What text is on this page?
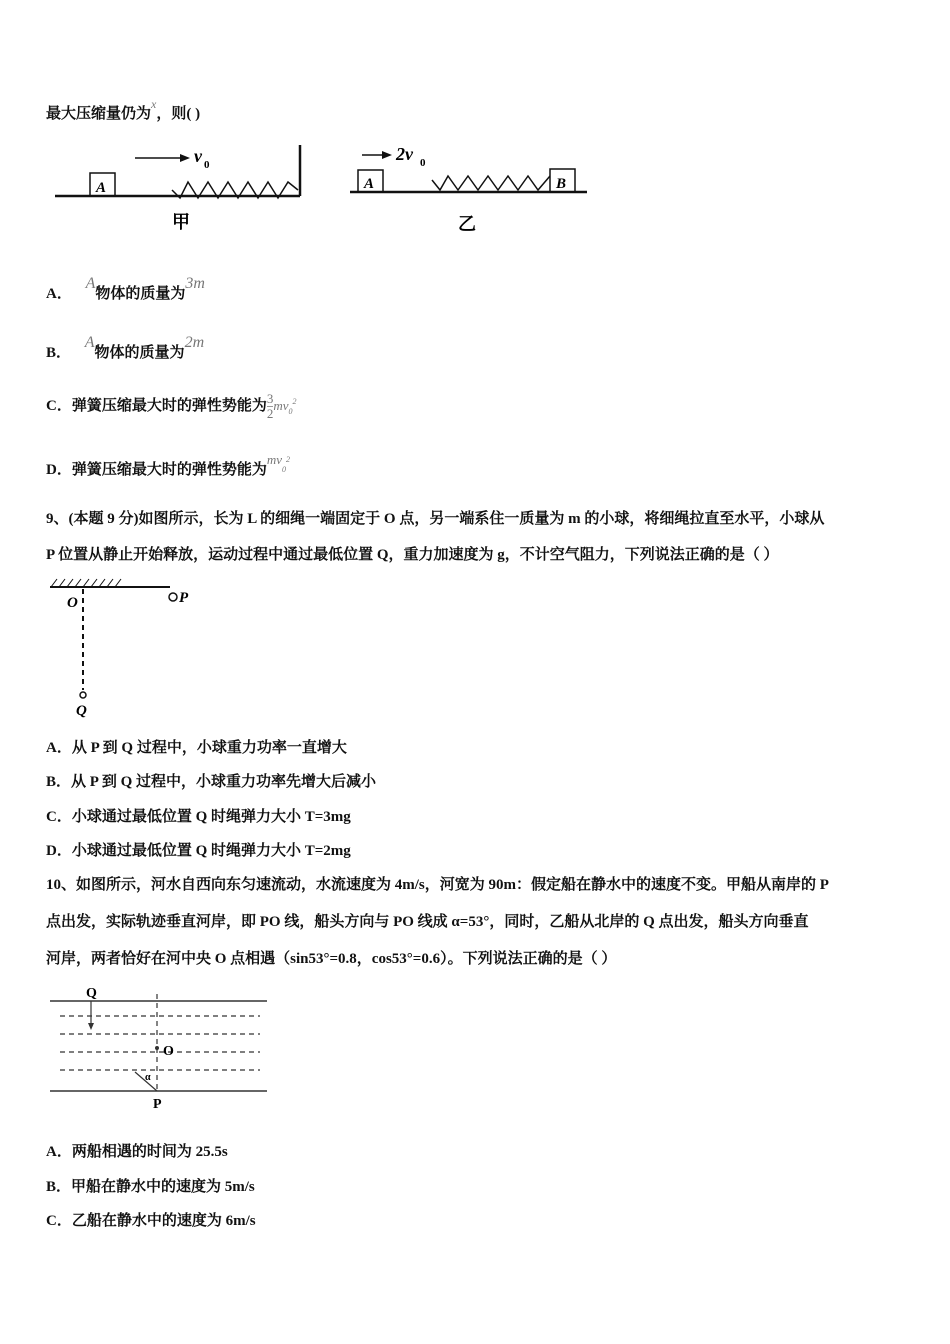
最大压缩量仍为$^x$，则( )
A	A	B
v 0
2v 0
甲	乙
A． A物体的质量为3m
B． A物体的质量为2m
C．弹簧压缩最大时的弹性势能为 $\frac{3}{2} mv_0^2$
D．弹簧压缩最大时的弹性势能为$mv_0^2$
9、(本题 9 分)如图所示，长为 L 的细绳一端固定于 O 点，另一端系住一质量为 m 的小球，将细绳拉直至水平，小球从
P 位置从静止开始释放，运动过程中通过最低位置 Q，重力加速度为 g，不计空气阻力，下列说法正确的是（ ）
O	P
Q
A．从 P 到 Q 过程中，小球重力功率一直增大
B．从 P 到 Q 过程中，小球重力功率先增大后减小
C．小球通过最低位置 Q 时绳弹力大小 T=3mg
D．小球通过最低位置 Q 时绳弹力大小 T=2mg
10、如图所示，河水自西向东匀速流动，水流速度为 4m/s，河宽为 90m：假定船在静水中的速度不变。甲船从南岸的 P
点出发，实际轨迹垂直河岸，即 PO 线，船头方向与 PO 线成 α=53°，同时，乙船从北岸的 Q 点出发，船头方向垂直
河岸，两者恰好在河中央 O 点相遇（sin53°=0.8，cos53°=0.6）。下列说法正确的是（ ）
Q
O
P
α
A．两船相遇的时间为 25.5s
B．甲船在静水中的速度为 5m/s
C．乙船在静水中的速度为 6m/s
